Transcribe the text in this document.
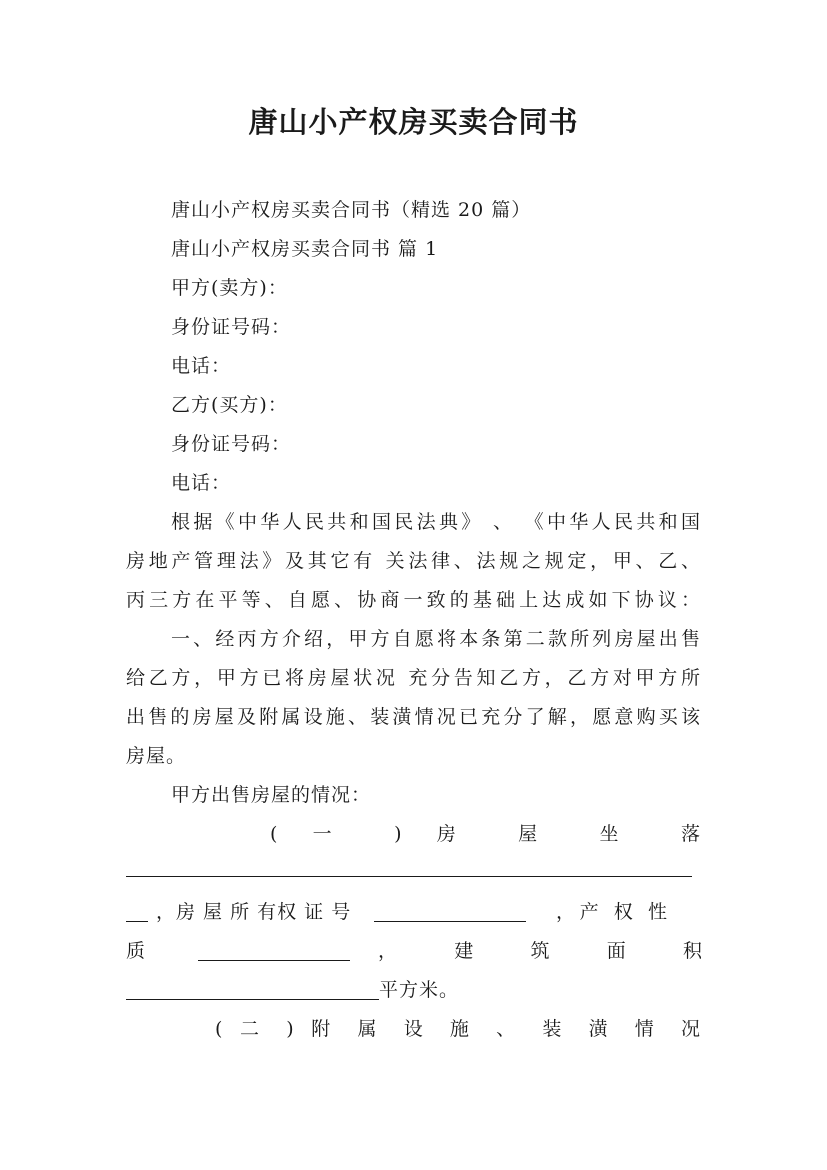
唐山小产权房买卖合同书
唐山小产权房买卖合同书（精选 20 篇）
唐山小产权房买卖合同书 篇 1
甲方(卖方)：
身份证号码：
电话：
乙方(买方)：
身份证号码：
电话：
根据《中华人民共和国民法典》 、 《中华人民共和国
房地产管理法》及其它有 关法律、法规之规定，甲、乙、
丙三方在平等、自愿、协商一致的基础上达成如下协议：
一、经丙方介绍，甲方自愿将本条第二款所列房屋出售
给乙方，甲方已将房屋状况 充分告知乙方，乙方对甲方所
出售的房屋及附属设施、装潢情况已充分了解，愿意购买该
房屋。
甲方出售房屋的情况：
( 一 ) 房 屋 坐 落
，房 屋 所 有权 证 号	，产 权 性
质	， 建 筑 面 积
平方米。
( 二 ) 附 属 设 施 、 装 潢 情 况
